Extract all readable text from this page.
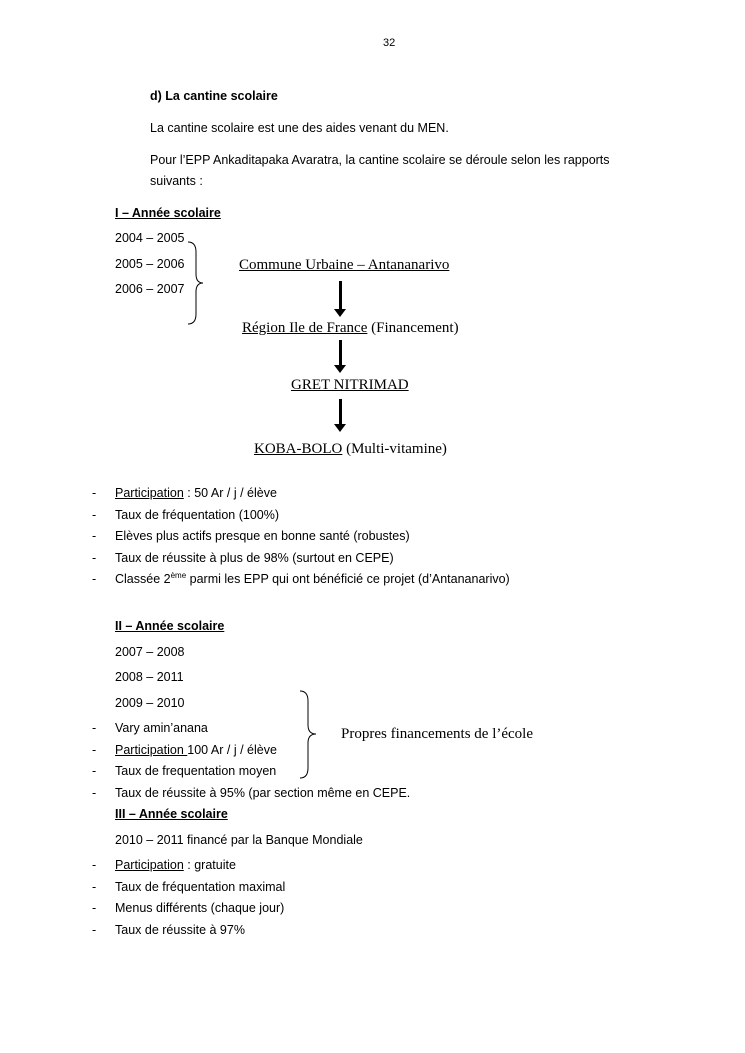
32
d) La cantine scolaire
La cantine scolaire est une des aides venant du MEN.
Pour l’EPP Ankaditapaka Avaratra, la cantine scolaire se déroule selon les rapports
suivants :
I – Année scolaire
2004 – 2005
2005 – 2006
2006 – 2007
Commune Urbaine – Antananarivo
Région Ile de France (Financement)
GRET NITRIMAD
KOBA-BOLO (Multi-vitamine)
- Participation : 50 Ar / j / élève
- Taux de fréquentation (100%)
- Elèves plus actifs presque en bonne santé (robustes)
- Taux de réussite à plus de 98% (surtout en CEPE)
- Classée 2ème parmi les EPP qui ont bénéficié ce projet (d’Antananarivo)
II – Année scolaire
2007 – 2008
2008 – 2011
2009 – 2010
Propres financements de l’école
- Vary amin’anana
- Participation 100 Ar / j / élève
- Taux de frequentation moyen
- Taux de réussite à 95% (par section même en CEPE.
III – Année scolaire
2010 – 2011 financé par la Banque Mondiale
- Participation : gratuite
- Taux de fréquentation maximal
- Menus différents (chaque jour)
- Taux de réussite à 97%
